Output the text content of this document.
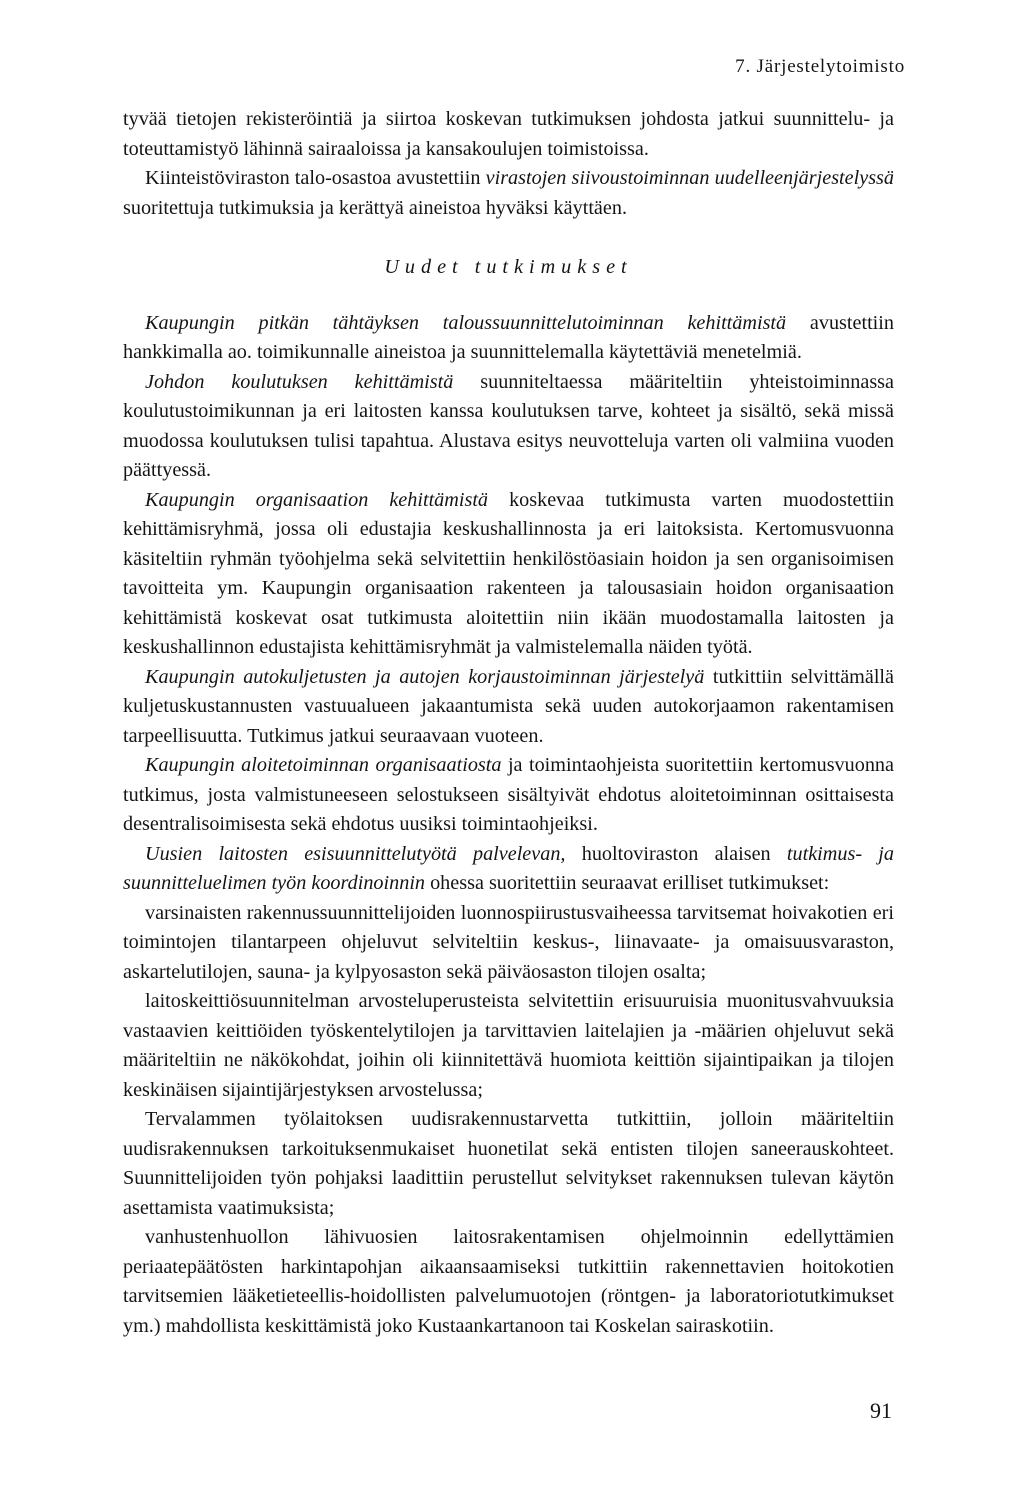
7. Järjestelytoimisto

tyvää tietojen rekisteröintiä ja siirtoa koskevan tutkimuksen johdosta jatkui suunnittelu- ja toteuttamistyö lähinnä sairaaloissa ja kansakoulujen toimistoissa.

Kiinteistöviraston talo-osastoa avustettiin virastojen siivoustoiminnan uudelleenjärjestelyssä suoritettuja tutkimuksia ja kerättyä aineistoa hyväksi käyttäen.

Uudet tutkimukset

Kaupungin pitkän tähtäyksen taloussuunnittelutoiminnan kehittämistä avustettiin hankkimalla ao. toimikunnalle aineistoa ja suunnittelemalla käytettäviä menetelmiä.

Johdon koulutuksen kehittämistä suunniteltaessa määriteltiin yhteistoiminnassa koulutustoimikunnan ja eri laitosten kanssa koulutuksen tarve, kohteet ja sisältö, sekä missä muodossa koulutuksen tulisi tapahtua. Alustava esitys neuvotteluja varten oli valmiina vuoden päättyessä.

Kaupungin organisaation kehittämistä koskevaa tutkimusta varten muodostettiin kehittämisryhmä, jossa oli edustajia keskushallinnosta ja eri laitoksista. Kertomusvuonna käsiteltiin ryhmän työohjelma sekä selvitettiin henkilöstöasiain hoidon ja sen organisoimisen tavoitteita ym. Kaupungin organisaation rakenteen ja talousasiain hoidon organisaation kehittämistä koskevat osat tutkimusta aloitettiin niin ikään muodostamalla laitosten ja keskushallinnon edustajista kehittämisryhmät ja valmistelemalla näiden työtä.

Kaupungin autokuljetusten ja autojen korjaustoiminnan järjestelyä tutkittiin selvittämällä kuljetuskustannusten vastuualueen jakaantumista sekä uuden autokorjaamon rakentamisen tarpeellisuutta. Tutkimus jatkui seuraavaan vuoteen.

Kaupungin aloitetoiminnan organisaatiosta ja toimintaohjeista suoritettiin kertomusvuonna tutkimus, josta valmistuneeseen selostukseen sisältyivät ehdotus aloitetoiminnan osittaisesta desentralisoimisesta sekä ehdotus uusiksi toimintaohjeiksi.

Uusien laitosten esisuunnittelutyötä palvelevan, huoltoviraston alaisen tutkimus- ja suunnitteluelimen työn koordinoinnin ohessa suoritettiin seuraavat erilliset tutkimukset:

varsinaisten rakennussuunnittelijoiden luonnospiirustusvaiheessa tarvitsemat hoivakotien eri toimintojen tilantarpeen ohjeluvut selviteltiin keskus-, liinavaate- ja omaisuusvaraston, askartelutilojen, sauna- ja kylpyosaston sekä päiväosaston tilojen osalta;

laitoskeittiösuunnitelman arvosteluperusteista selvitettiin erisuuruisia muonitusvahvuuksia vastaavien keittiöiden työskentelytilojen ja tarvittavien laitelajien ja -määrien ohjeluvut sekä määriteltiin ne näkökohdat, joihin oli kiinnitettävä huomiota keittiön sijaintipaikan ja tilojen keskinäisen sijaintijärjestyksen arvostelussa;

Tervalammen työlaitoksen uudisrakennustarvetta tutkittiin, jolloin määriteltiin uudisrakennuksen tarkoituksenmukaiset huonetilat sekä entisten tilojen saneerauskohteet. Suunnittelijoiden työn pohjaksi laadittiin perustellut selvitykset rakennuksen tulevan käytön asettamista vaatimuksista;

vanhustenhuollon lähivuosien laitosrakentamisen ohjelmoinnin edellyttämien periaatepäätösten harkintapohjan aikaansaamiseksi tutkittiin rakennettavien hoitokotien tarvitsemien lääketieteellis-hoidollisten palvelumuotojen (röntgen- ja laboratoriotutkimukset ym.) mahdollista keskittämistä joko Kustaankartanoon tai Koskelan sairaskotiin.

91
